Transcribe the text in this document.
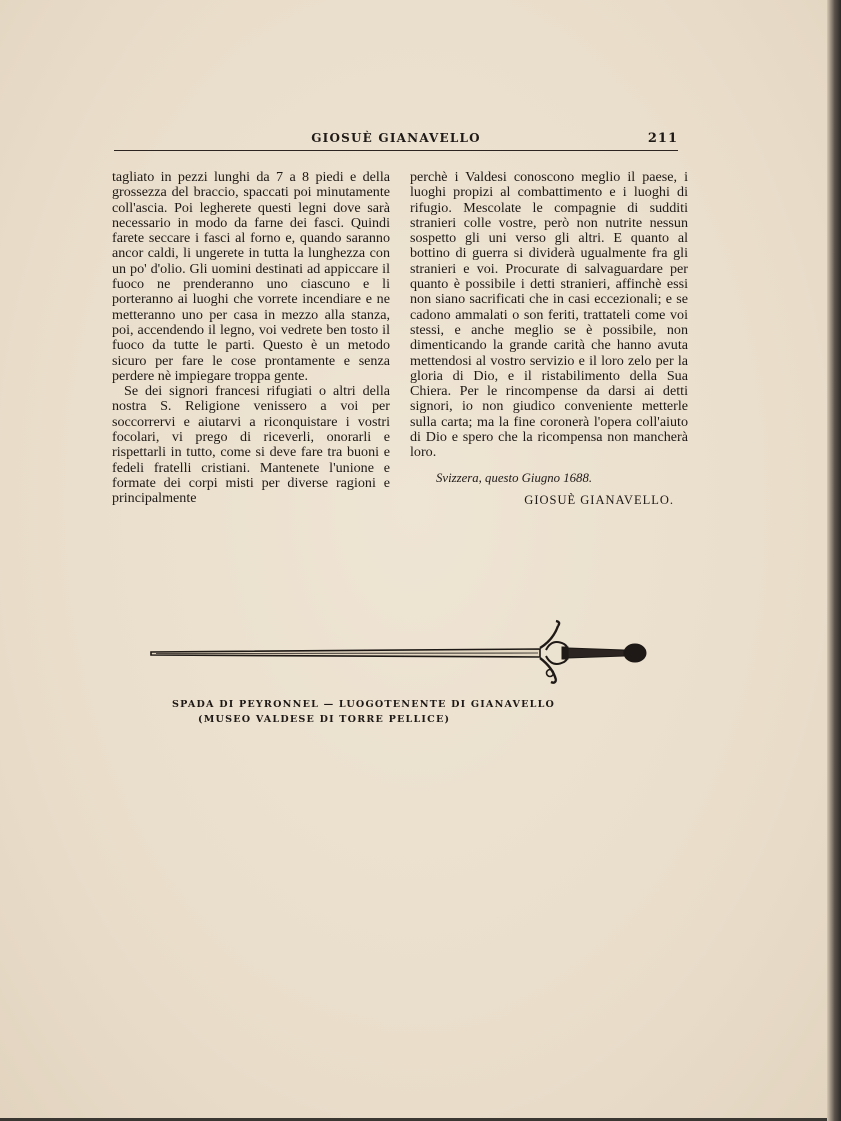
GIOSUÈ GIANAVELLO	211

tagliato in pezzi lunghi da 7 a 8 piedi e della grossezza del braccio, spaccati poi minutamente coll'ascia. Poi legherete questi legni dove sarà necessario in modo da farne dei fasci. Quindi farete seccare i fasci al forno e, quando saranno ancor caldi, li ungerete in tutta la lunghezza con un po' d'olio. Gli uomini destinati ad appiccare il fuoco ne prenderanno uno ciascuno e li porteranno ai luoghi che vorrete incendiare e ne metteranno uno per casa in mezzo alla stanza, poi, accendendo il legno, voi vedrete ben tosto il fuoco da tutte le parti. Questo è un metodo sicuro per fare le cose prontamente e senza perdere nè impiegare troppa gente.

Se dei signori francesi rifugiati o altri della nostra S. Religione venissero a voi per soccorrervi e aiutarvi a riconquistare i vostri focolari, vi prego di riceverli, onorarli e rispettarli in tutto, come si deve fare tra buoni e fedeli fratelli cristiani. Mantenete l'unione e formate dei corpi misti per diverse ragioni e principalmente

perchè i Valdesi conoscono meglio il paese, i luoghi propizi al combattimento e i luoghi di rifugio. Mescolate le compagnie di sudditi stranieri colle vostre, però non nutrite nessun sospetto gli uni verso gli altri. E quanto al bottino di guerra si dividerà ugualmente fra gli stranieri e voi. Procurate di salvaguardare per quanto è possibile i detti stranieri, affinchè essi non siano sacrificati che in casi eccezionali; e se cadono ammalati o son feriti, trattateli come voi stessi, e anche meglio se è possibile, non dimenticando la grande carità che hanno avuta mettendosi al vostro servizio e il loro zelo per la gloria di Dio, e il ristabilimento della Sua Chiera. Per le rincompense da darsi ai detti signori, io non giudico conveniente metterle sulla carta; ma la fine coronerà l'opera coll'aiuto di Dio e spero che la ricompensa non mancherà loro.

Svizzera, questo Giugno 1688.
GIOSUÈ GIANAVELLO.
SPADA DI PEYRONNEL — LUOGOTENENTE DI GIANAVELLO
(MUSEO VALDESE DI TORRE PELLICE)
